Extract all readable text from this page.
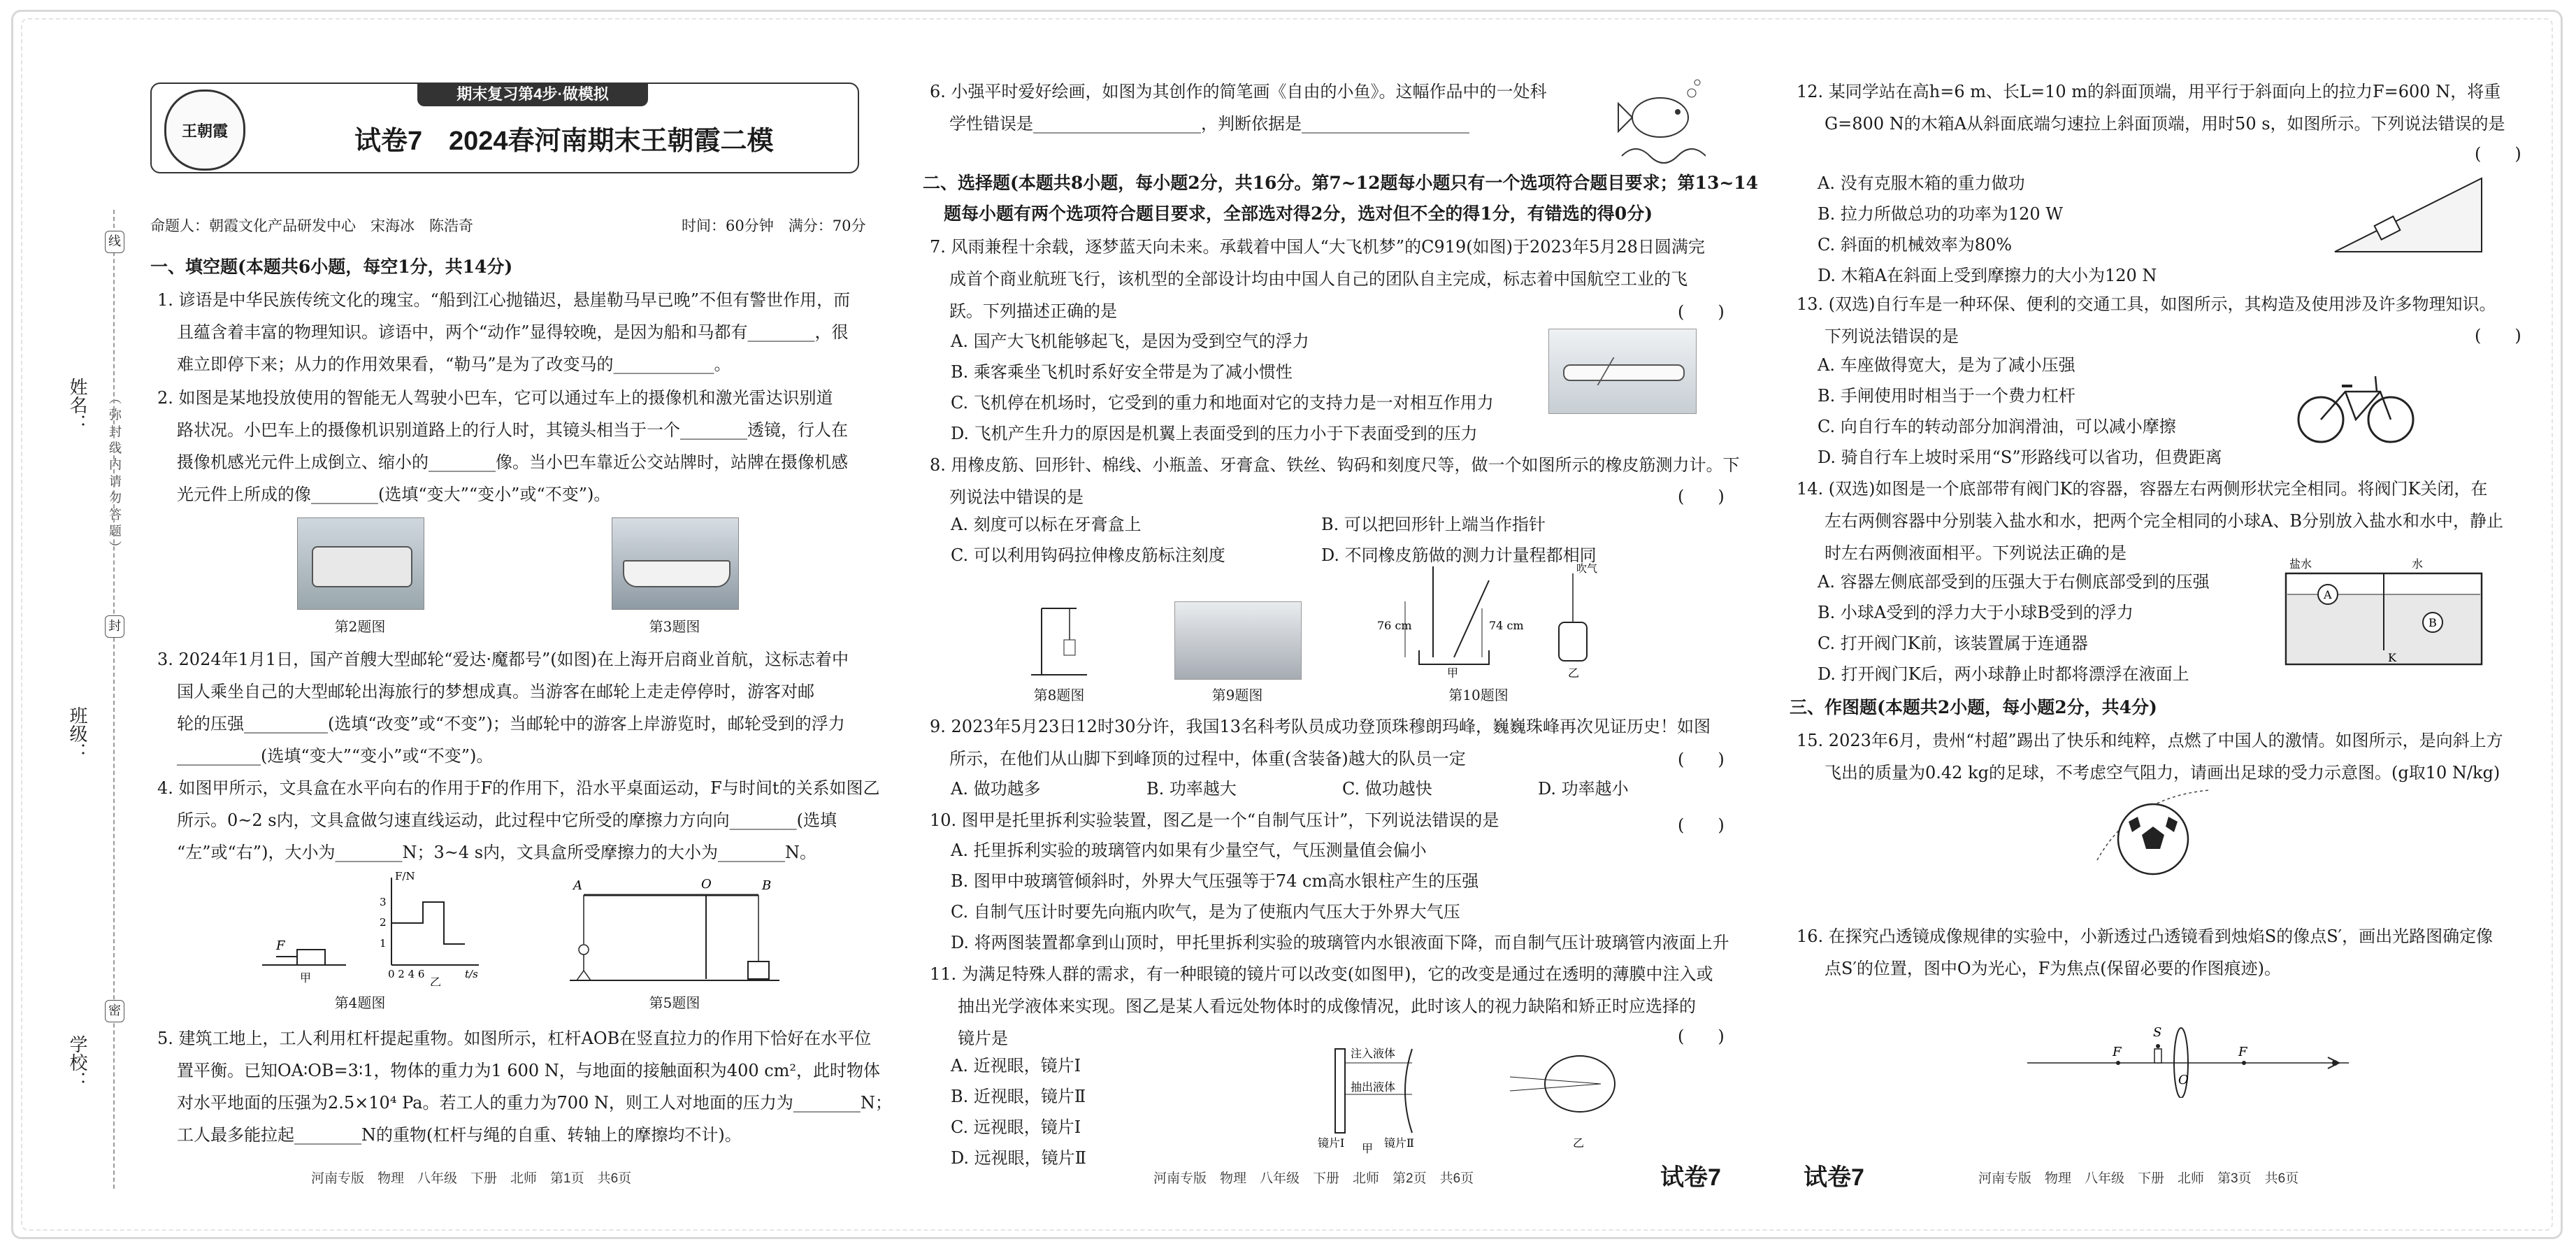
姓名：
班级：
学校：
（ 弥 封 线 内 请 勿 答 题 ）
线
封
密
期末复习第4步·做模拟
王朝霞	试卷7 2024春河南期末王朝霞二模
命题人：朝霞文化产品研发中心　宋海冰　陈浩奇	时间：60分钟　满分：70分
一、填空题(本题共6小题，每空1分，共14分)
1. 谚语是中华民族传统文化的瑰宝。“船到江心抛锚迟，悬崖勒马早已晚”不但有警世作用，而
且蕴含着丰富的物理知识。谚语中，两个“动作”显得较晚，是因为船和马都有________，很
难立即停下来；从力的作用效果看，“勒马”是为了改变马的____________。
2. 如图是某地投放使用的智能无人驾驶小巴车，它可以通过车上的摄像机和激光雷达识别道
路状况。小巴车上的摄像机识别道路上的行人时，其镜头相当于一个________透镜，行人在
摄像机感光元件上成倒立、缩小的________像。当小巴车靠近公交站牌时，站牌在摄像机感
光元件上所成的像________(选填“变大”“变小”或“不变”)。
第2题图	第3题图
3. 2024年1月1日，国产首艘大型邮轮“爱达·魔都号”(如图)在上海开启商业首航，这标志着中
国人乘坐自己的大型邮轮出海旅行的梦想成真。当游客在邮轮上走走停停时，游客对邮
轮的压强__________(选填“改变”或“不变”)；当邮轮中的游客上岸游览时，邮轮受到的浮力
__________(选填“变大”“变小”或“不变”)。
4. 如图甲所示，文具盒在水平向右的作用于F的作用下，沿水平桌面运动，F与时间t的关系如图乙
所示。0~2 s内，文具盒做匀速直线运动，此过程中它所受的摩擦力方向向________(选填
“左”或“右”)，大小为________N；3~4 s内，文具盒所受摩擦力的大小为________N。
F
甲
F/N
3
2
1
0 2 4 6	t/s
乙
第4题图
A	O	B
第5题图
5. 建筑工地上，工人利用杠杆提起重物。如图所示，杠杆AOB在竖直拉力的作用下恰好在水平位
置平衡。已知OA∶OB=3∶1，物体的重力为1 600 N，与地面的接触面积为400 cm²，此时物体
对水平地面的压强为2.5×10⁴ Pa。若工人的重力为700 N，则工人对地面的压力为________N；
工人最多能拉起________N的重物(杠杆与绳的自重、转轴上的摩擦均不计)。
河南专版　物理　八年级　下册　北师　第1页　共6页
6. 小强平时爱好绘画，如图为其创作的简笔画《自由的小鱼》。这幅作品中的一处科
学性错误是____________________，判断依据是____________________
二、选择题(本题共8小题，每小题2分，共16分。第7~12题每小题只有一个选项符合题目要求；第13~14
题每小题有两个选项符合题目要求，全部选对得2分，选对但不全的得1分，有错选的得0分)
7. 风雨兼程十余载，逐梦蓝天向未来。承载着中国人“大飞机梦”的C919(如图)于2023年5月28日圆满完
成首个商业航班飞行，该机型的全部设计均由中国人自己的团队自主完成，标志着中国航空工业的飞
跃。下列描述正确的是	(　　)
A. 国产大飞机能够起飞，是因为受到空气的浮力
B. 乘客乘坐飞机时系好安全带是为了减小惯性
C. 飞机停在机场时，它受到的重力和地面对它的支持力是一对相互作用力
D. 飞机产生升力的原因是机翼上表面受到的压力小于下表面受到的压力
8. 用橡皮筋、回形针、棉线、小瓶盖、牙膏盒、铁丝、钩码和刻度尺等，做一个如图所示的橡皮筋测力计。下
列说法中错误的是	(　　)
A. 刻度可以标在牙膏盒上	B. 可以把回形针上端当作指针
C. 可以利用钩码拉伸橡皮筋标注刻度	D. 不同橡皮筋做的测力计量程都相同
第8题图	第9题图
76 cm	74 cm
甲
吹气
乙
第10题图
9. 2023年5月23日12时30分许，我国13名科考队员成功登顶珠穆朗玛峰，巍巍珠峰再次见证历史！如图
所示，在他们从山脚下到峰顶的过程中，体重(含装备)越大的队员一定	(　　)
A. 做功越多	B. 功率越大	C. 做功越快	D. 功率越小
10. 图甲是托里拆利实验装置，图乙是一个“自制气压计”，下列说法错误的是	(　　)
A. 托里拆利实验的玻璃管内如果有少量空气，气压测量值会偏小
B. 图甲中玻璃管倾斜时，外界大气压强等于74 cm高水银柱产生的压强
C. 自制气压计时要先向瓶内吹气，是为了使瓶内气压大于外界大气压
D. 将两图装置都拿到山顶时，甲托里拆利实验的玻璃管内水银液面下降，而自制气压计玻璃管内液面上升
11. 为满足特殊人群的需求，有一种眼镜的镜片可以改变(如图甲)，它的改变是通过在透明的薄膜中注入或
抽出光学液体来实现。图乙是某人看远处物体时的成像情况，此时该人的视力缺陷和矫正时应选择的
镜片是	(　　)
A. 近视眼，镜片Ⅰ
B. 近视眼，镜片Ⅱ
C. 远视眼，镜片Ⅰ
D. 远视眼，镜片Ⅱ
注入液体
抽出液体
镜片Ⅰ	镜片Ⅱ
甲	乙
河南专版　物理　八年级　下册　北师　第2页　共6页	试卷7
12. 某同学站在高h=6 m、长L=10 m的斜面顶端，用平行于斜面向上的拉力F=600 N，将重
G=800 N的木箱A从斜面底端匀速拉上斜面顶端，用时50 s，如图所示。下列说法错误的是
(　　)
A. 没有克服木箱的重力做功
B. 拉力所做总功的功率为120 W
C. 斜面的机械效率为80%
D. 木箱A在斜面上受到摩擦力的大小为120 N
13. (双选)自行车是一种环保、便利的交通工具，如图所示，其构造及使用涉及许多物理知识。
下列说法错误的是	(　　)
A. 车座做得宽大，是为了减小压强
B. 手闸使用时相当于一个费力杠杆
C. 向自行车的转动部分加润滑油，可以减小摩擦
D. 骑自行车上坡时采用“S”形路线可以省功，但费距离
14. (双选)如图是一个底部带有阀门K的容器，容器左右两侧形状完全相同。将阀门K关闭，在
左右两侧容器中分别装入盐水和水，把两个完全相同的小球A、B分别放入盐水和水中，静止
时左右两侧液面相平。下列说法正确的是
A. 容器左侧底部受到的压强大于右侧底部受到的压强
B. 小球A受到的浮力大于小球B受到的浮力
C. 打开阀门K前，该装置属于连通器
D. 打开阀门K后，两小球静止时都将漂浮在液面上
A
B
K
盐水	水
三、作图题(本题共2小题，每小题2分，共4分)
15. 2023年6月，贵州“村超”踢出了快乐和纯粹，点燃了中国人的激情。如图所示，是向斜上方
飞出的质量为0.42 kg的足球，不考虑空气阻力，请画出足球的受力示意图。(g取10 N/kg)
16. 在探究凸透镜成像规律的实验中，小新透过凸透镜看到烛焰S的像点S′，画出光路图确定像
点S′的位置，图中O为光心，F为焦点(保留必要的作图痕迹)。
F
S
O
F
试卷7	河南专版　物理　八年级　下册　北师　第3页　共6页
